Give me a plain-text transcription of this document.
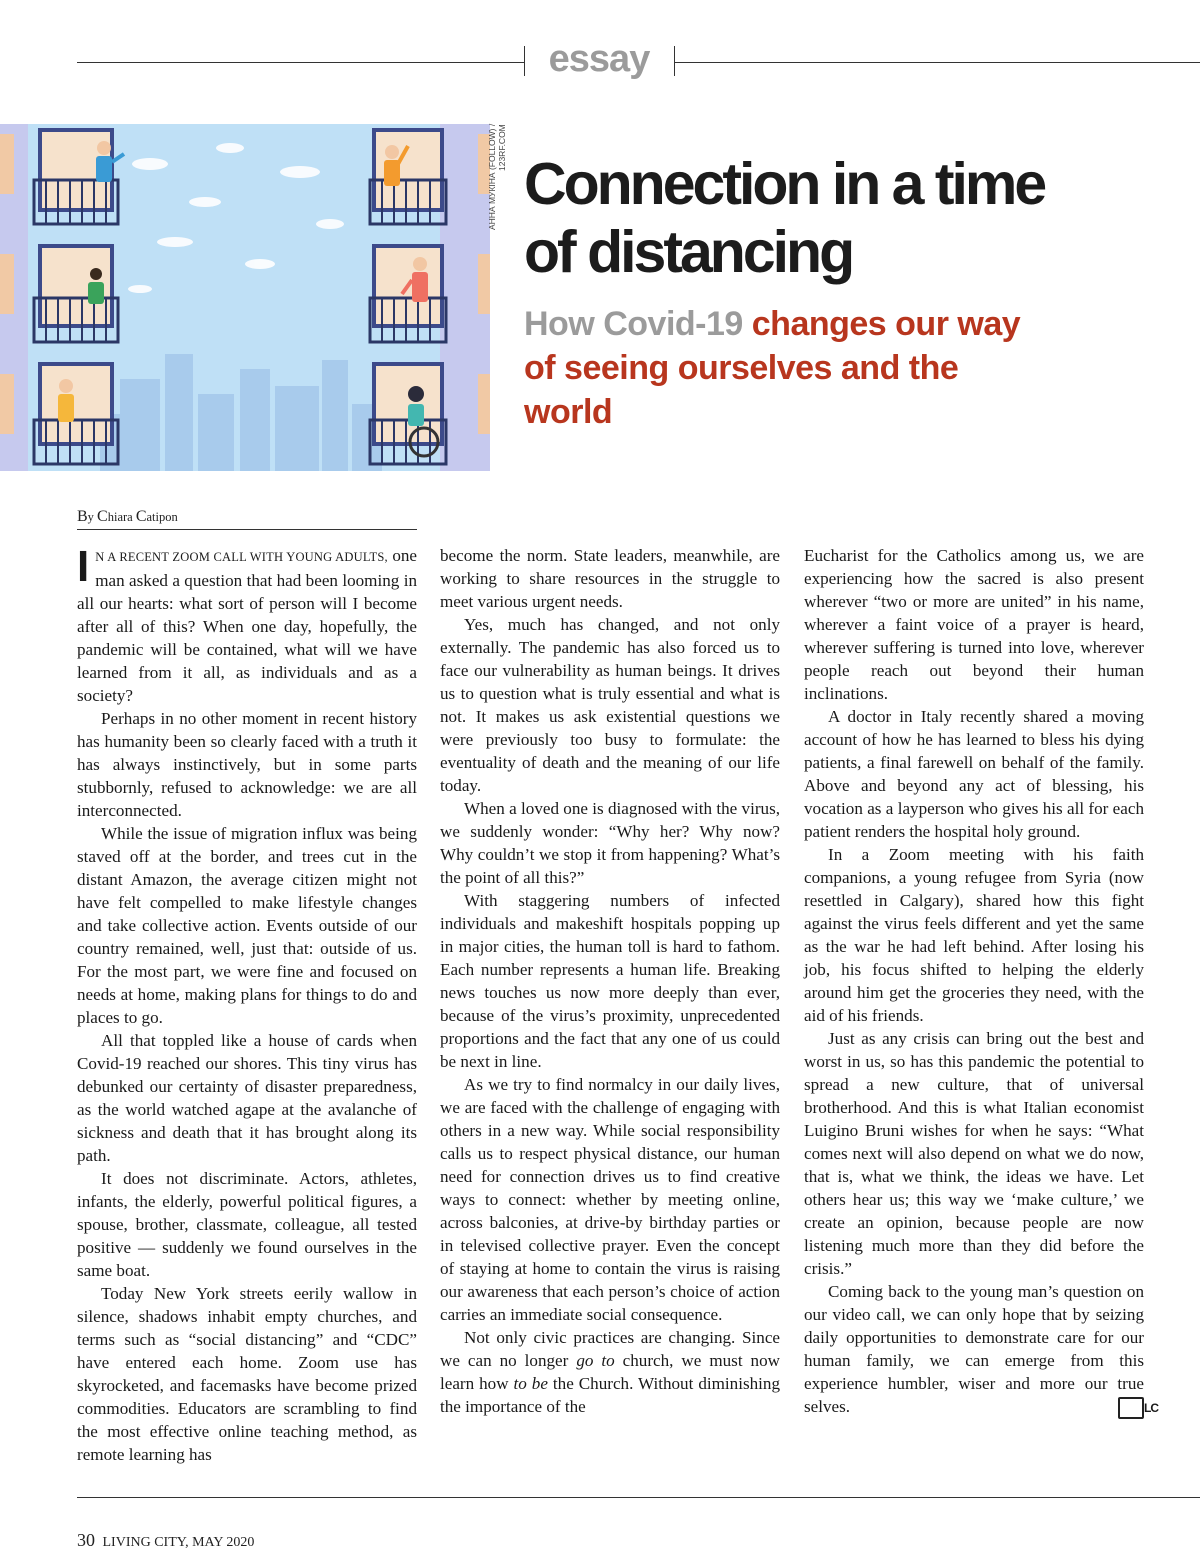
essay
АННА МУКІНА (FOLLOW) / 123RF.COM
Connection in a time of distancing
How Covid-19 changes our way of seeing ourselves and the world
By Chiara Catipon

I N A RECENT ZOOM CALL WITH YOUNG ADULTS, one man asked a question that had been looming in all our hearts: what sort of person will I become after all of this? When one day, hopefully, the pandemic will be contained, what will we have learned from it all, as individuals and as a society?

Perhaps in no other moment in recent history has humanity been so clearly faced with a truth it has always instinctively, but in some parts stubbornly, refused to acknowledge: we are all interconnected.

While the issue of migration influx was being staved off at the border, and trees cut in the distant Amazon, the average citizen might not have felt compelled to make lifestyle changes and take collective action. Events outside of our country remained, well, just that: outside of us. For the most part, we were fine and focused on needs at home, making plans for things to do and places to go.

All that toppled like a house of cards when Covid-19 reached our shores. This tiny virus has debunked our certainty of disaster preparedness, as the world watched agape at the avalanche of sickness and death that it has brought along its path.

It does not discriminate. Actors, athletes, infants, the elderly, powerful political figures, a spouse, brother, classmate, colleague, all tested positive — suddenly we found ourselves in the same boat.

Today New York streets eerily wallow in silence, shadows inhabit empty churches, and terms such as “social distancing” and “CDC” have entered each home. Zoom use has skyrocketed, and facemasks have become prized commodities. Educators are scrambling to find the most effective online teaching method, as remote learning has

become the norm. State leaders, meanwhile, are working to share resources in the struggle to meet various urgent needs.

Yes, much has changed, and not only externally. The pandemic has also forced us to face our vulnerability as human beings. It drives us to question what is truly essential and what is not. It makes us ask existential questions we were previously too busy to formulate: the eventuality of death and the meaning of our life today.

When a loved one is diagnosed with the virus, we suddenly wonder: “Why her? Why now? Why couldn’t we stop it from happening? What’s the point of all this?”

With staggering numbers of infected individuals and makeshift hospitals popping up in major cities, the human toll is hard to fathom. Each number represents a human life. Breaking news touches us now more deeply than ever, because of the virus’s proximity, unprecedented proportions and the fact that any one of us could be next in line.

As we try to find normalcy in our daily lives, we are faced with the challenge of engaging with others in a new way. While social responsibility calls us to respect physical distance, our human need for connection drives us to find creative ways to connect: whether by meeting online, across balconies, at drive-by birthday parties or in televised collective prayer. Even the concept of staying at home to contain the virus is raising our awareness that each person’s choice of action carries an immediate social consequence.

Not only civic practices are changing. Since we can no longer go to church, we must now learn how to be the Church. Without diminishing the importance of the

Eucharist for the Catholics among us, we are experiencing how the sacred is also present wherever “two or more are united” in his name, wherever a faint voice of a prayer is heard, wherever suffering is turned into love, wherever people reach out beyond their human inclinations.

A doctor in Italy recently shared a moving account of how he has learned to bless his dying patients, a final farewell on behalf of the family. Above and beyond any act of blessing, his vocation as a layperson who gives his all for each patient renders the hospital holy ground.

In a Zoom meeting with his faith companions, a young refugee from Syria (now resettled in Calgary), shared how this fight against the virus feels different and yet the same as the war he had left behind. After losing his job, his focus shifted to helping the elderly around him get the groceries they need, with the aid of his friends.

Just as any crisis can bring out the best and worst in us, so has this pandemic the potential to spread a new culture, that of universal brotherhood. And this is what Italian economist Luigino Bruni wishes for when he says: “What comes next will also depend on what we do now, that is, what we think, the ideas we have. Let others hear us; this way we ‘make culture,’ we create an opinion, because people are now listening much more than they did before the crisis.”

Coming back to the young man’s question on our video call, we can only hope that by seizing daily opportunities to demonstrate care for our human family, we can emerge from this experience humbler, wiser and more our true selves.	LC

30 LIVING CITY, MAY 2020
